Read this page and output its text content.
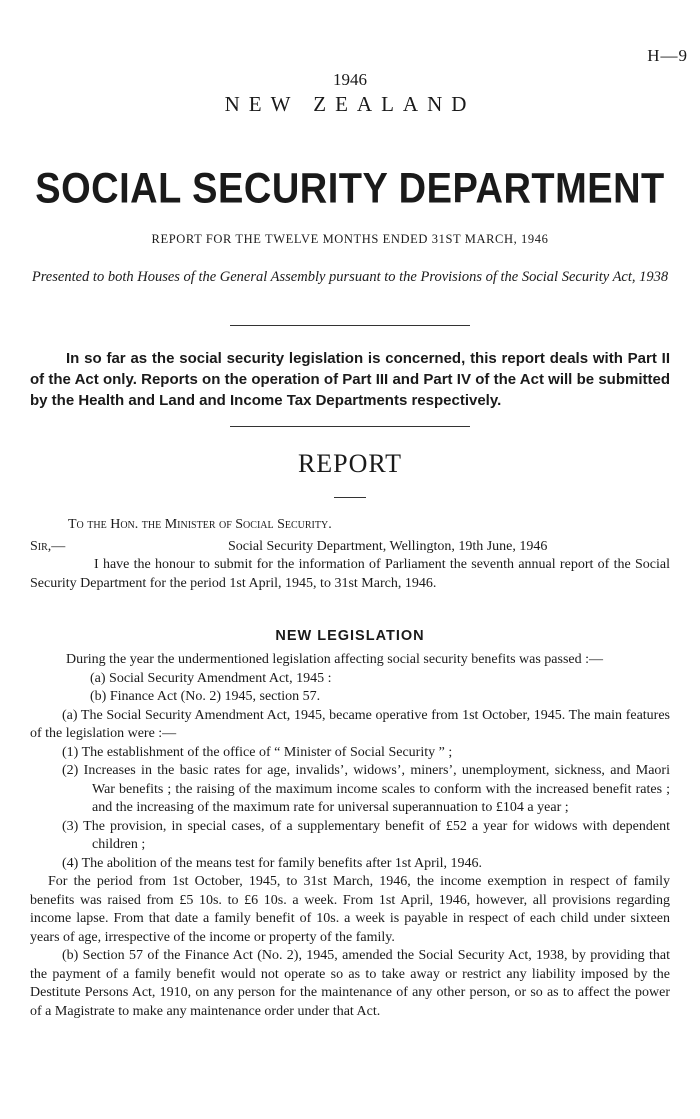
H—9
1946
NEW ZEALAND
SOCIAL SECURITY DEPARTMENT
REPORT FOR THE TWELVE MONTHS ENDED 31ST MARCH, 1946
Presented to both Houses of the General Assembly pursuant to the Provisions of the Social Security Act, 1938

In so far as the social security legislation is concerned, this report deals with Part II of the Act only. Reports on the operation of Part III and Part IV of the Act will be submitted by the Health and Land and Income Tax Departments respectively.

REPORT
To the Hon. the Minister of Social Security.
Sir,—	Social Security Department, Wellington, 19th June, 1946

I have the honour to submit for the information of Parliament the seventh annual report of the Social Security Department for the period 1st April, 1945, to 31st March, 1946.

NEW LEGISLATION

During the year the undermentioned legislation affecting social security benefits was passed :—

(a) Social Security Amendment Act, 1945 :

(b) Finance Act (No. 2) 1945, section 57.

(a) The Social Security Amendment Act, 1945, became operative from 1st October, 1945. The main features of the legislation were :—

(1) The establishment of the office of “ Minister of Social Security ” ;

(2) Increases in the basic rates for age, invalids’, widows’, miners’, unemployment, sickness, and Maori War benefits ; the raising of the maximum income scales to conform with the increased benefit rates ; and the increasing of the maximum rate for universal superannuation to £104 a year ;

(3) The provision, in special cases, of a supplementary benefit of £52 a year for widows with dependent children ;

(4) The abolition of the means test for family benefits after 1st April, 1946.

For the period from 1st October, 1945, to 31st March, 1946, the income exemption in respect of family benefits was raised from £5 10s. to £6 10s. a week. From 1st April, 1946, however, all provisions regarding income lapse. From that date a family benefit of 10s. a week is payable in respect of each child under sixteen years of age, irrespective of the income or property of the family.

(b) Section 57 of the Finance Act (No. 2), 1945, amended the Social Security Act, 1938, by providing that the payment of a family benefit would not operate so as to take away or restrict any liability imposed by the Destitute Persons Act, 1910, on any person for the maintenance of any other person, or so as to affect the power of a Magistrate to make any maintenance order under that Act.
